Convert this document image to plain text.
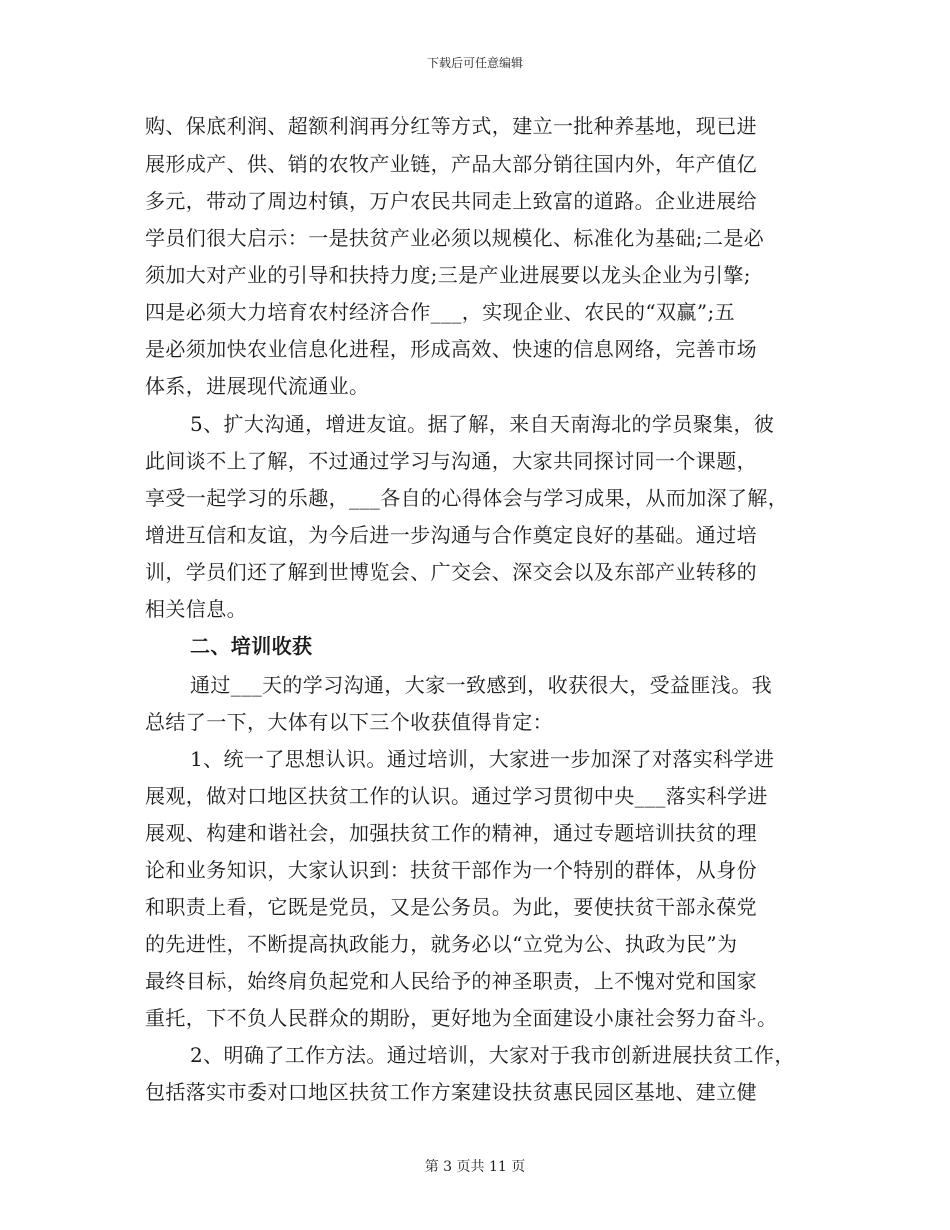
下载后可任意编辑
购、保底利润、超额利润再分红等方式，建立一批种养基地，现已进
展形成产、供、销的农牧产业链，产品大部分销往国内外，年产值亿
多元，带动了周边村镇，万户农民共同走上致富的道路。企业进展给
学员们很大启示：一是扶贫产业必须以规模化、标准化为基础;二是必
须加大对产业的引导和扶持力度;三是产业进展要以龙头企业为引擎;
四是必须大力培育农村经济合作___，实现企业、农民的“双赢”;五
是必须加快农业信息化进程，形成高效、快速的信息网络，完善市场
体系，进展现代流通业。
5、扩大沟通，增进友谊。据了解，来自天南海北的学员聚集，彼
此间谈不上了解，不过通过学习与沟通，大家共同探讨同一个课题，
享受一起学习的乐趣，___各自的心得体会与学习成果，从而加深了解，
增进互信和友谊，为今后进一步沟通与合作奠定良好的基础。通过培
训，学员们还了解到世博览会、广交会、深交会以及东部产业转移的
相关信息。
二、培训收获
通过___天的学习沟通，大家一致感到，收获很大，受益匪浅。我
总结了一下，大体有以下三个收获值得肯定：
1、统一了思想认识。通过培训，大家进一步加深了对落实科学进
展观，做对口地区扶贫工作的认识。通过学习贯彻中央___落实科学进
展观、构建和谐社会，加强扶贫工作的精神，通过专题培训扶贫的理
论和业务知识，大家认识到：扶贫干部作为一个特别的群体，从身份
和职责上看，它既是党员，又是公务员。为此，要使扶贫干部永葆党
的先进性，不断提高执政能力，就务必以“立党为公、执政为民”为
最终目标，始终肩负起党和人民给予的神圣职责，上不愧对党和国家
重托，下不负人民群众的期盼，更好地为全面建设小康社会努力奋斗。
2、明确了工作方法。通过培训，大家对于我市创新进展扶贫工作，
包括落实市委对口地区扶贫工作方案建设扶贫惠民园区基地、建立健
第 3 页共 11 页
